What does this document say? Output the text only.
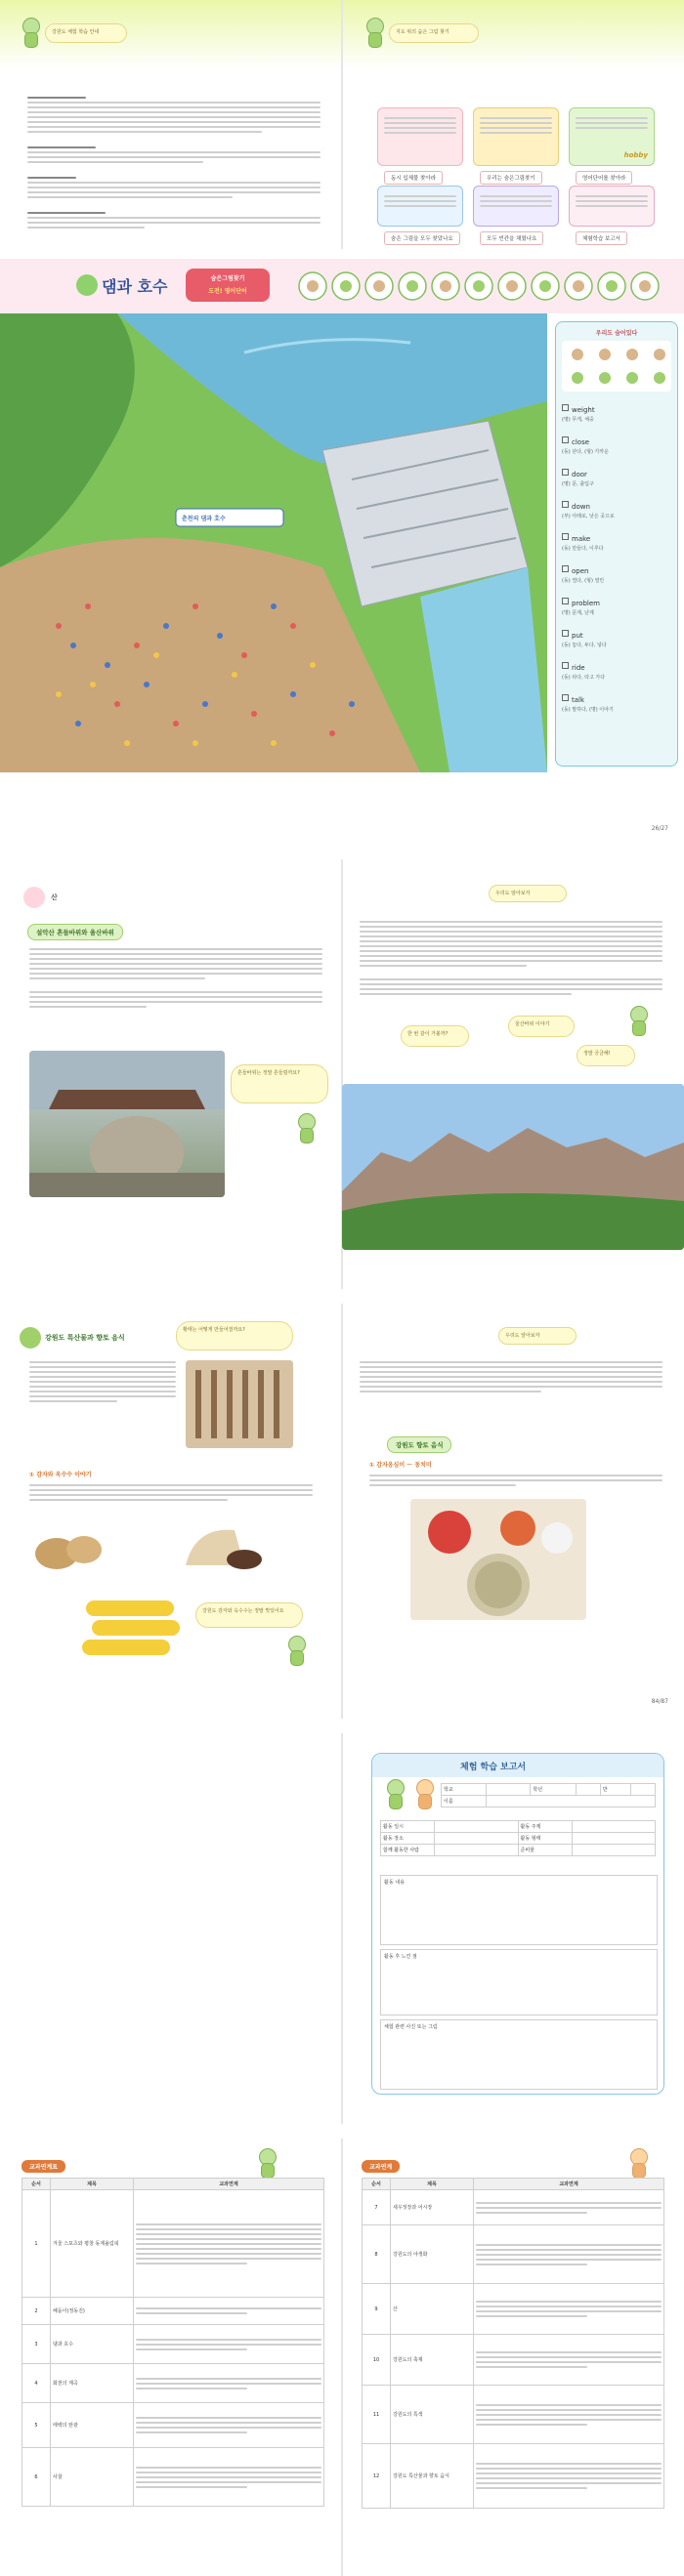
강원도 체험 학습 안내	지도 위의 숨은 그림 찾기
동시 입체물 찾아라	우리는 숨은그림찾기
hobby
영어단어를 찾아라
숨은 그림을 모두 찾았나요	모두 빈칸을 채웠나요	체험학습 보고서
댐과 호수	숨은그림찾기
도전! 영어단어
춘천의 댐과 호수
우리도 숨어있다
weight
(명) 무게, 체중
close
(동) 닫다, (형) 가까운
door
(명) 문, 출입구
down
(부) 아래로, 낮은 곳으로
make
(동) 만들다, 이루다
open
(동) 열다, (형) 열린
problem
(명) 문제, 난제
put
(동) 놓다, 두다, 넣다
ride
(동) 타다, 타고 가다
talk
(동) 말하다, (명) 이야기
26/27
산
설악산 흔들바위와 울산바위
흔들바위는 정말 흔들릴까요?
우리도 알아보자
한 번 같이 가볼까?
울산바위 이야기
정말 궁금해!
강원도 특산물과 향토 음식
황태는 어떻게 만들어질까요?
① 감자와 옥수수 이야기
강원도 감자와 옥수수는 정말 맛있어요
우리도 알아보자
강원도 향토 음식
① 감자옹심이 ～ 동치미
84/87
체험 학습 보고서
학교		학년		반	
이름					
활동 일시		활동 주제	
활동 장소		활동 형태	
함께 활동한 사람		준비물	
활동 내용
활동 후 느낀 점
체험 관련 사진 또는 그림
교과연계표
순서	제목	교과연계
1	겨울 스포츠와 평창 동계올림픽	

2	해돋이(정동진)	

3	댐과 호수	

4	화천의 계곡	

5	태백의 탄광	

6	사찰	
교과연계
순서	제목	교과연계
7	새우젓장과 어시장	

8	강원도의 야생화	

9	산	

10	강원도의 축제	

11	강원도의 특색	

12	강원도 특산물과 향토 음식	
